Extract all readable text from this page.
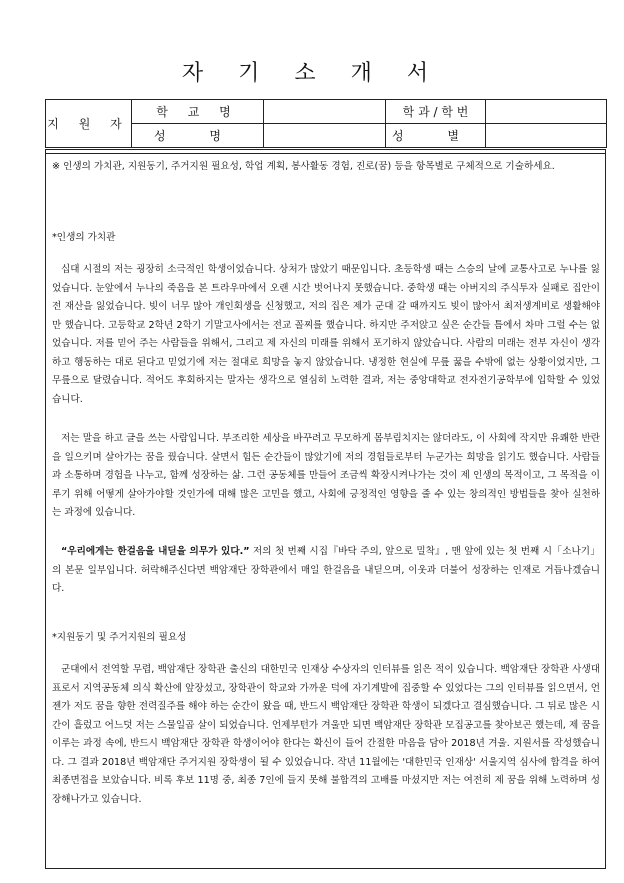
자 기 소 개 서
지 원 자	학 교 명		학 과 / 학 번	
	성 명		성 별	

※ 인생의 가치관, 지원동기, 주거지원 필요성, 학업 계획, 봉사활동 경험, 진로(꿈) 등을 항목별로 구체적으로 기술하세요.

*인생의 가치관

십대 시절의 저는 굉장히 소극적인 학생이었습니다. 상처가 많았기 때문입니다. 초등학생 때는 스승의 날에 교통사고로 누나를 잃었습니다. 눈앞에서 누나의 죽음을 본 트라우마에서 오랜 시간 벗어나지 못했습니다. 중학생 때는 아버지의 주식투자 실패로 집안이 전 재산을 잃었습니다. 빚이 너무 많아 개인회생을 신청했고, 저의 집은 제가 군대 갈 때까지도 빚이 많아서 최저생계비로 생활해야만 했습니다. 고등학교 2학년 2학기 기말고사에서는 전교 꼴찌를 했습니다. 하지만 주저앉고 싶은 순간들 틈에서 차마 그럴 수는 없었습니다. 저를 믿어 주는 사람들을 위해서, 그리고 제 자신의 미래를 위해서 포기하지 않았습니다. 사람의 미래는 전부 자신이 생각하고 행동하는 대로 된다고 믿었기에 저는 절대로 희망을 놓지 않았습니다. 냉정한 현실에 무릎 꿇을 수밖에 없는 상황이었지만, 그 무릎으로 달렸습니다. 적어도 후회하지는 말자는 생각으로 열심히 노력한 결과, 저는 중앙대학교 전자전기공학부에 입학할 수 있었습니다.

저는 말을 하고 글을 쓰는 사람입니다. 부조리한 세상을 바꾸려고 무모하게 몸부림치지는 않더라도, 이 사회에 작지만 유쾌한 반란을 일으키며 살아가는 꿈을 꿨습니다. 살면서 힘든 순간들이 많았기에 저의 경험들로부터 누군가는 희망을 읽기도 했습니다. 사람들과 소통하며 경험을 나누고, 함께 성장하는 삶. 그런 공동체를 만들어 조금씩 확장시켜나가는 것이 제 인생의 목적이고, 그 목적을 이루기 위해 어떻게 살아가야할 것인가에 대해 많은 고민을 했고, 사회에 긍정적인 영향을 줄 수 있는 창의적인 방법들을 찾아 실천하는 과정에 있습니다.

“우리에게는 한걸음을 내딛을 의무가 있다.” 저의 첫 번째 시집『바닥 주의, 앞으로 밀착』, 맨 앞에 있는 첫 번째 시「소나기」의 본문 일부입니다. 허락해주신다면 백암재단 장학관에서 매일 한걸음을 내딛으며, 이웃과 더불어 성장하는 인재로 거듭나겠습니다.

*지원동기 및 주거지원의 필요성

군대에서 전역할 무렵, 백암재단 장학관 출신의 대한민국 인재상 수상자의 인터뷰를 읽은 적이 있습니다. 백암재단 장학관 사생대표로서 지역공동체 의식 확산에 앞장섰고, 장학관이 학교와 가까운 덕에 자기계발에 집중할 수 있었다는 그의 인터뷰를 읽으면서, 언젠가 저도 꿈을 향한 전력질주를 해야 하는 순간이 왔을 때, 반드시 백암재단 장학관 학생이 되겠다고 결심했습니다. 그 뒤로 많은 시간이 흘렀고 어느덧 저는 스물일곱 살이 되었습니다. 언제부턴가 겨울만 되면 백암재단 장학관 모집공고를 찾아보곤 했는데, 제 꿈을 이루는 과정 속에, 반드시 백암재단 장학관 학생이어야 한다는 확신이 들어 간절한 마음을 담아 2018년 겨울. 지원서를 작성했습니다. 그 결과 2018년 백암재단 주거지원 장학생이 될 수 있었습니다. 작년 11월에는 '대한민국 인재상' 서울지역 심사에 합격을 하여 최종면접을 보았습니다. 비록 후보 11명 중, 최종 7인에 들지 못해 불합격의 고배를 마셨지만 저는 여전히 제 꿈을 위해 노력하며 성장해나가고 있습니다.
